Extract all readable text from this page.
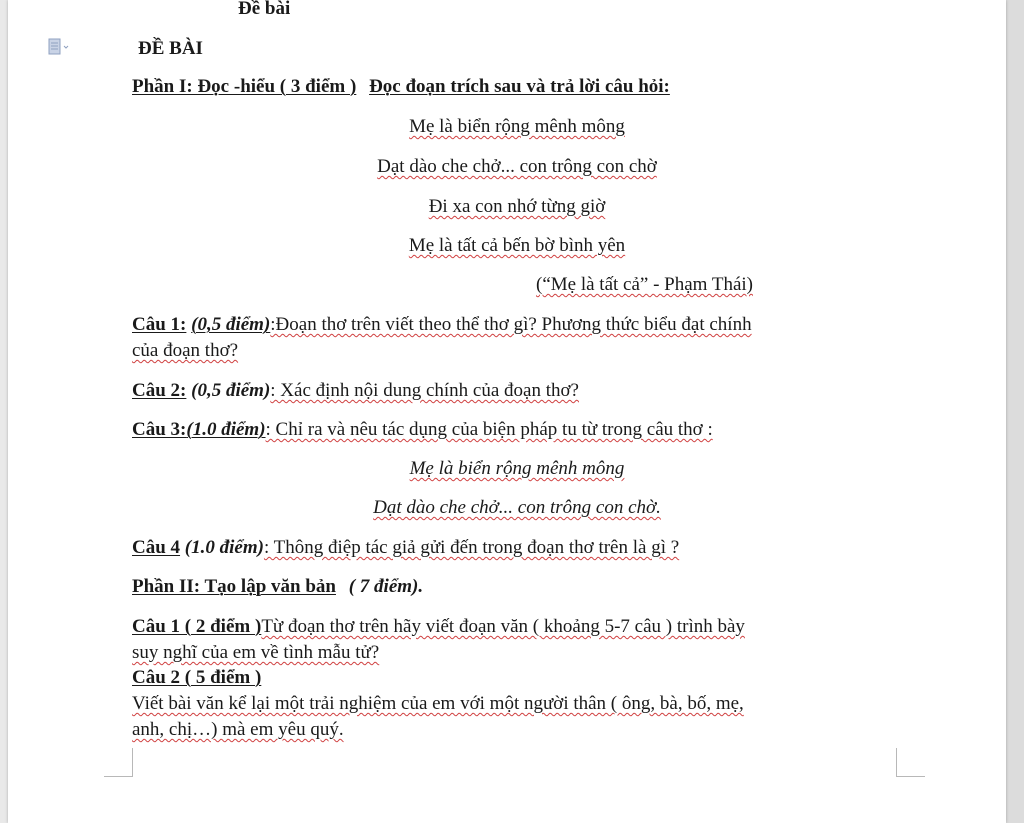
Đề bài
ĐỀ BÀI
Phần I: Đọc -hiểu ( 3 điểm ) Đọc đoạn trích sau và trả lời câu hỏi:
Mẹ là biển rộng mênh mông
Dạt dào che chở... con trông con chờ
Đi xa con nhớ từng giờ
Mẹ là tất cả bến bờ bình yên
(“Mẹ là tất cả” - Phạm Thái)
Câu 1: (0,5 điểm):Đoạn thơ trên viết theo thể thơ gì? Phương thức biểu đạt chính
của đoạn thơ?
Câu 2: (0,5 điểm): Xác định nội dung chính của đoạn thơ?
Câu 3:(1.0 điểm): Chỉ ra và nêu tác dụng của biện pháp tu từ trong câu thơ :
Mẹ là biển rộng mênh mông
Dạt dào che chở... con trông con chờ.
Câu 4 (1.0 điểm): Thông điệp tác giả gửi đến trong đoạn thơ trên là gì ?
Phần II: Tạo lập văn bản ( 7 điểm).
Câu 1 ( 2 điểm )Từ đoạn thơ trên hãy viết đoạn văn ( khoảng 5-7 câu ) trình bày
suy nghĩ của em về tình mẫu tử?
Câu 2 ( 5 điểm )
Viết bài văn kể lại một trải nghiệm của em với một người thân ( ông, bà, bố, mẹ,
anh, chị…) mà em yêu quý.
